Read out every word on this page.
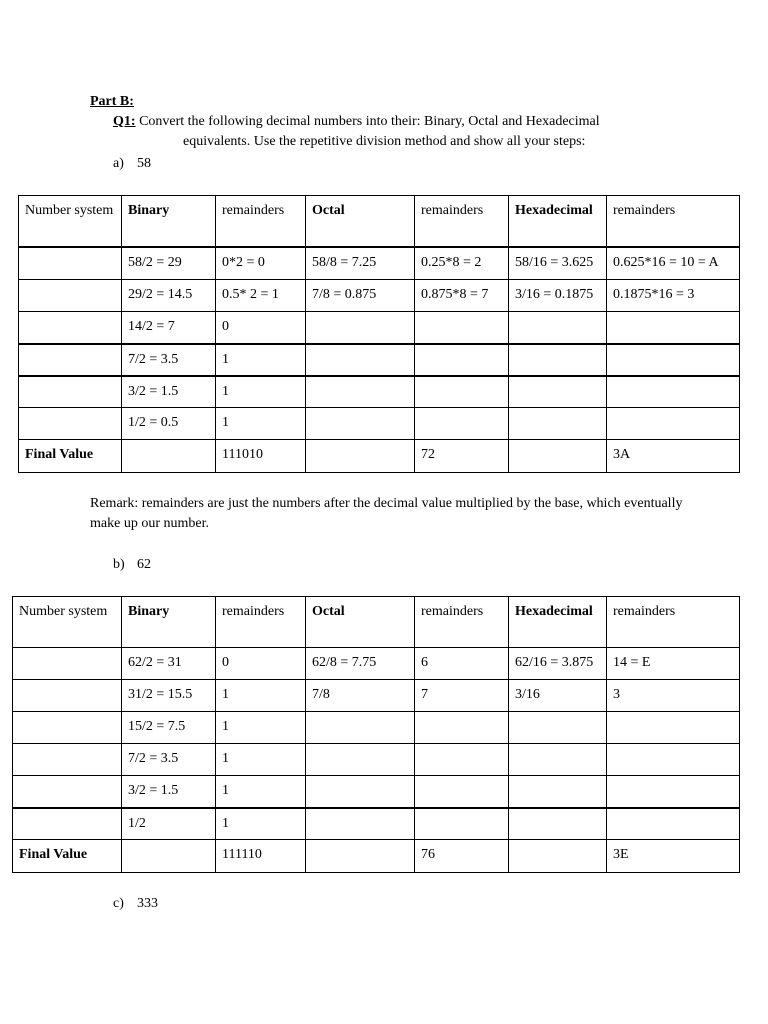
Part B:
Q1: Convert the following decimal numbers into their: Binary, Octal and Hexadecimal
equivalents. Use the repetitive division method and show all your steps:
a) 58
Number system	Binary	remainders	Octal	remainders	Hexadecimal	remainders
	58/2 = 29	0*2 = 0	58/8 = 7.25	0.25*8 = 2	58/16 = 3.625	0.625*16 = 10 = A
	29/2 = 14.5	0.5* 2 = 1	7/8 = 0.875	0.875*8 = 7	3/16 = 0.1875	0.1875*16 = 3
	14/2 = 7	0				
	7/2 = 3.5	1				
	3/2 = 1.5	1				
	1/2 = 0.5	1				
Final Value		111010		72		3A
Remark: remainders are just the numbers after the decimal value multiplied by the base, which eventually make up our number.
b) 62
Number system	Binary	remainders	Octal	remainders	Hexadecimal	remainders
	62/2 = 31	0	62/8 = 7.75	6	62/16 = 3.875	14 = E
	31/2 = 15.5	1	7/8	7	3/16	3
	15/2 = 7.5	1				
	7/2 = 3.5	1				
	3/2 = 1.5	1				
	1/2	1				
Final Value		111110		76		3E
c) 333
